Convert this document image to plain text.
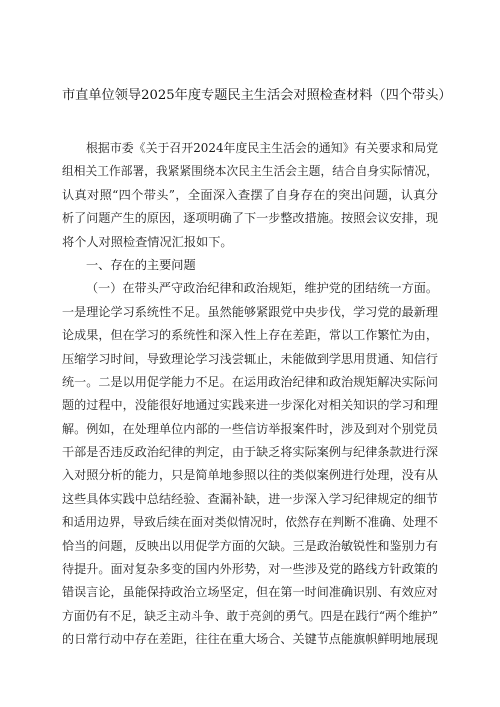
市直单位领导2025年度专题民主生活会对照检查材料（四个带头）
根据市委《关于召开2024年度民主生活会的通知》有关要求和局党
组相关工作部署，我紧紧围绕本次民主生活会主题，结合自身实际情况，
认真对照“四个带头”，全面深入查摆了自身存在的突出问题，认真分
析了问题产生的原因，逐项明确了下一步整改措施。按照会议安排，现
将个人对照检查情况汇报如下。
一、存在的主要问题
（一）在带头严守政治纪律和政治规矩，维护党的团结统一方面。
一是理论学习系统性不足。虽然能够紧跟党中央步伐，学习党的最新理
论成果，但在学习的系统性和深入性上存在差距，常以工作繁忙为由，
压缩学习时间，导致理论学习浅尝辄止，未能做到学思用贯通、知信行
统一。二是以用促学能力不足。在运用政治纪律和政治规矩解决实际问
题的过程中，没能很好地通过实践来进一步深化对相关知识的学习和理
解。例如，在处理单位内部的一些信访举报案件时，涉及到对个别党员
干部是否违反政治纪律的判定，由于缺乏将实际案例与纪律条款进行深
入对照分析的能力，只是简单地参照以往的类似案例进行处理，没有从
这些具体实践中总结经验、查漏补缺，进一步深入学习纪律规定的细节
和适用边界，导致后续在面对类似情况时，依然存在判断不准确、处理不
恰当的问题，反映出以用促学方面的欠缺。三是政治敏锐性和鉴别力有
待提升。面对复杂多变的国内外形势，对一些涉及党的路线方针政策的
错误言论，虽能保持政治立场坚定，但在第一时间准确识别、有效应对
方面仍有不足，缺乏主动斗争、敢于亮剑的勇气。四是在践行“两个维护”
的日常行动中存在差距，往往在重大场合、关键节点能旗帜鲜明地展现
